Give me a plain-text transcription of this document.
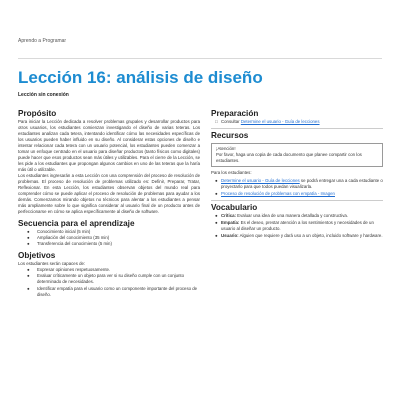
Aprendo a Programar
Lección 16: análisis de diseño
Lección sin conexión
Propósito

Para iniciar la Lección dedicada a resolver problemas grupales y desarrollar productos para otros usuarios, los estudiantes comienzan investigando el diseño de varias teteras. Los estudiantes analizan cada tetera, intentando identificar cómo las necesidades específicas de los usuarios pueden haber influido en su diseño. Al considerar estas opciones de diseño e intentar relacionar cada tetera con un usuario potencial, los estudiantes pueden comenzar a tomar un enfoque centrado en el usuario para diseñar productos (tanto físicos como digitales) puede hacer que esos productos sean más útiles y utilizables. Para el cierre de la Lección, se les pide a los estudiantes que propongan algunos cambios en uno de las teteras que la haría más útil o utilizable.

Los estudiantes ingresarán a esta Lección con una comprensión del proceso de resolución de problemas. El proceso de resolución de problemas utilizado es: Definir, Preparar, Tratar, Reflexionar. En esta Lección, los estudiantes observan objetos del mundo real para comprender cómo se puede aplicar el proceso de resolución de problemas para ayudar a los demás. Comenzamos mirando objetos no técnicos para alentar a los estudiantes a pensar más ampliamente sobre lo que significa considerar al usuario final de un producto antes de perfeccionarse en cómo se aplica específicamente al diseño de software.

Secuencia para el aprendizaje
● Conocimiento inicial (5 min)
● Ampliación del conocimiento (35 min)
● Transferencia del conocimiento (5 min)
Objetivos
Los estudiantes serán capaces de:
● Expresar opiniones respetuosamente.
● Evaluar críticamente un objeto para ver si su diseño cumple con un conjunto determinado de necesidades.
● Identificar empatía para el usuario como un componente importante del proceso de diseño.
Preparación
□ Consultar Determine el usuario - Guía de lecciones
Recursos
¡Atención!
Por favor, haga una copia de cada documento que planee compartir con los estudiantes.
Para los estudiantes:
● Determine el usuario - Guía de lecciones se podrá entregar una a cada estudiante o proyectarlo para que todos puedan visualizarla.
● Proceso de resolución de problemas con empatía - Imagen
Vocabulario
● Crítica: Evaluar una idea de una manera detallada y constructiva.
● Empatía: Es el deseo, prestar atención a los sentimientos y necesidades de un usuario al diseñar un producto.
● Usuario: Alguien que requiere y dará uso a un objeto, incluido software y hardware.
